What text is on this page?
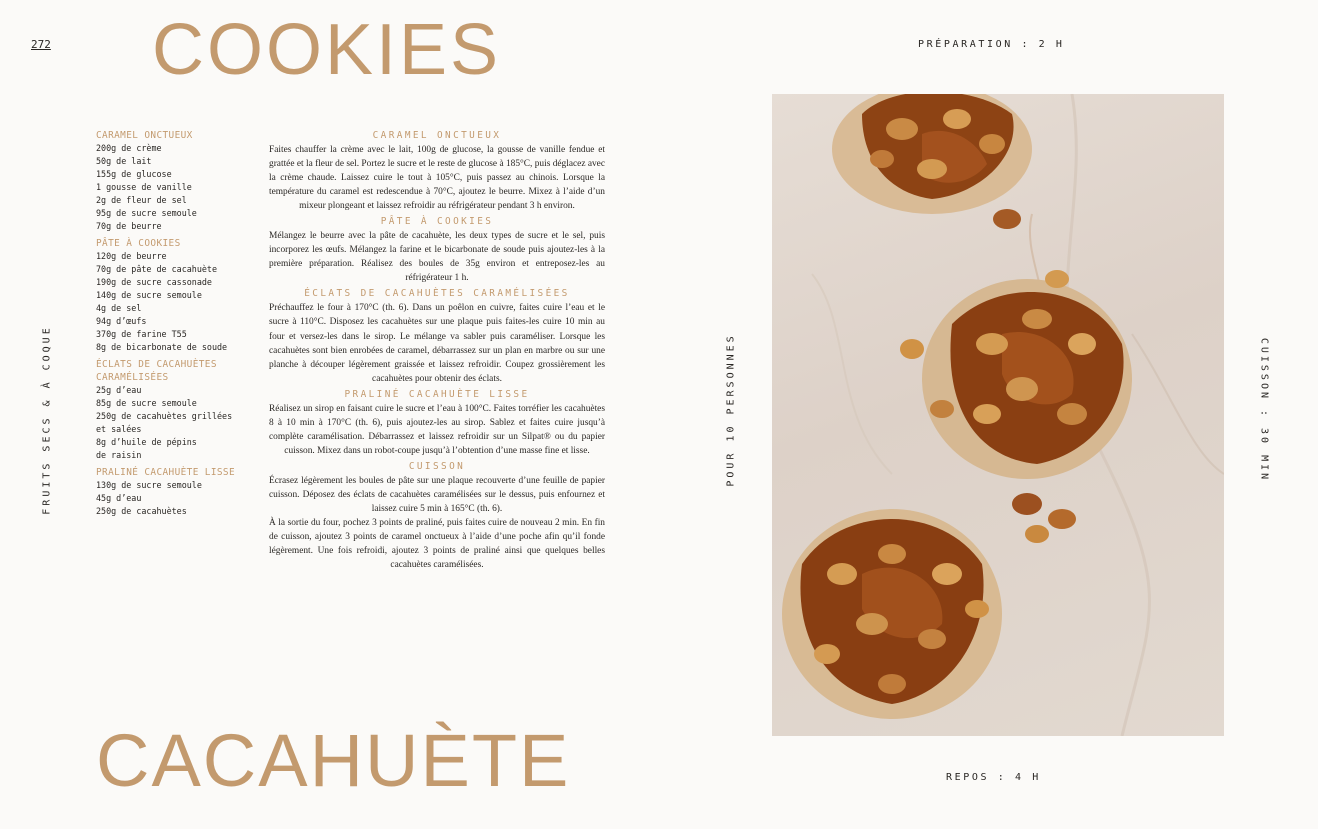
272 COOKIES
CACAHUÈTE
FRUITS SECS & À COQUE	POUR 10 PERSONNES	CUISSON : 30 MIN
PRÉPARATION : 2 H
REPOS : 4 H
CARAMEL ONCTUEUX
200g de crème
50g de lait
155g de glucose
1 gousse de vanille
2g de fleur de sel
95g de sucre semoule
70g de beurre
PÂTE À COOKIES
120g de beurre
70g de pâte de cacahuète
190g de sucre cassonade
140g de sucre semoule
4g de sel
94g d’œufs
370g de farine T55
8g de bicarbonate de soude
ÉCLATS DE CACAHUÈTES
CARAMÉLISÉES
25g d’eau
85g de sucre semoule
250g de cacahuètes grillées
et salées
8g d’huile de pépins
de raisin
PRALINÉ CACAHUÈTE LISSE
130g de sucre semoule
45g d’eau
250g de cacahuètes
CARAMEL ONCTUEUX

Faites chauffer la crème avec le lait, 100g de glucose, la gousse de vanille fendue et grattée et la fleur de sel. Portez le sucre et le reste de glucose à 185°C, puis déglacez avec la crème chaude. Laissez cuire le tout à 105°C, puis passez au chinois. Lorsque la température du caramel est redescendue à 70°C, ajoutez le beurre. Mixez à l’aide d’un mixeur plongeant et laissez refroidir au réfrigérateur pendant 3 h environ.

PÂTE À COOKIES

Mélangez le beurre avec la pâte de cacahuète, les deux types de sucre et le sel, puis incorporez les œufs. Mélangez la farine et le bicarbonate de soude puis ajoutez-les à la première préparation. Réalisez des boules de 35g environ et entreposez-les au réfrigérateur 1 h.

ÉCLATS DE CACAHUÈTES CARAMÉLISÉES

Préchauffez le four à 170°C (th. 6). Dans un poêlon en cuivre, faites cuire l’eau et le sucre à 110°C. Disposez les cacahuètes sur une plaque puis faites-les cuire 10 min au four et versez-les dans le sirop. Le mélange va sabler puis caraméliser. Lorsque les cacahuètes sont bien enrobées de caramel, débarrassez sur un plan en marbre ou sur une planche à découper légèrement graissée et laissez refroidir. Coupez grossièrement les cacahuètes pour obtenir des éclats.

PRALINÉ CACAHUÈTE LISSE

Réalisez un sirop en faisant cuire le sucre et l’eau à 100°C. Faites torréfier les cacahuètes 8 à 10 min à 170°C (th. 6), puis ajoutez-les au sirop. Sablez et faites cuire jusqu’à complète caramélisation. Débarrassez et laissez refroidir sur un Silpat® ou du papier cuisson. Mixez dans un robot-coupe jusqu’à l’obtention d’une masse fine et lisse.

CUISSON

Écrasez légèrement les boules de pâte sur une plaque recouverte d’une feuille de papier cuisson. Déposez des éclats de cacahuètes caramélisées sur le dessus, puis enfournez et laissez cuire 5 min à 165°C (th. 6).

À la sortie du four, pochez 3 points de praliné, puis faites cuire de nouveau 2 min. En fin de cuisson, ajoutez 3 points de caramel onctueux à l’aide d’une poche afin qu’il fonde légèrement. Une fois refroidi, ajoutez 3 points de praliné ainsi que quelques belles cacahuètes caramélisées.
